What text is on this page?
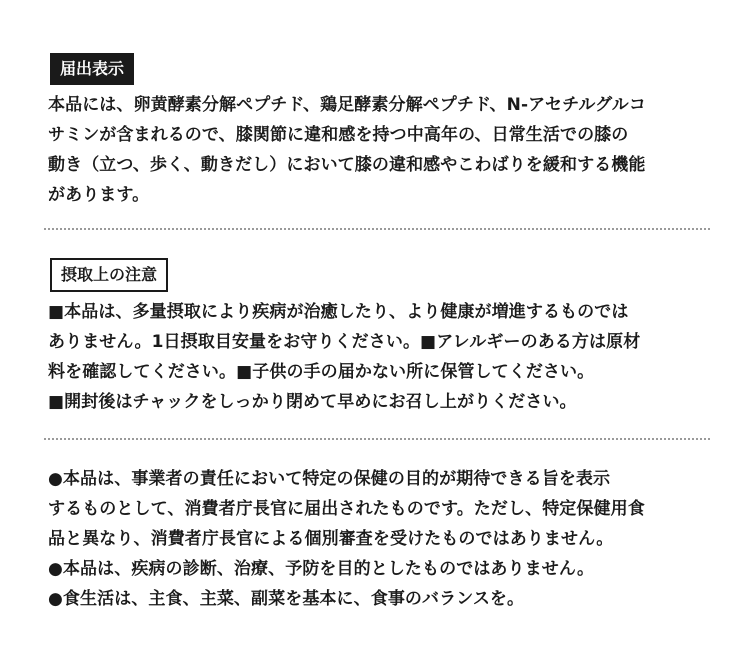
届出表示

本品には、卵黄酵素分解ペプチド、鶏足酵素分解ペプチド、N-アセチルグルコ
サミンが含まれるので、膝関節に違和感を持つ中高年の、日常生活での膝の
動き（立つ、歩く、動きだし）において膝の違和感やこわばりを緩和する機能
があります。

摂取上の注意

■本品は、多量摂取により疾病が治癒したり、より健康が増進するものでは
ありません。1日摂取目安量をお守りください。■アレルギーのある方は原材
料を確認してください。■子供の手の届かない所に保管してください。
■開封後はチャックをしっかり閉めて早めにお召し上がりください。

●本品は、事業者の責任において特定の保健の目的が期待できる旨を表示
するものとして、消費者庁長官に届出されたものです。ただし、特定保健用食
品と異なり、消費者庁長官による個別審査を受けたものではありません。
●本品は、疾病の診断、治療、予防を目的としたものではありません。
●食生活は、主食、主菜、副菜を基本に、食事のバランスを。
